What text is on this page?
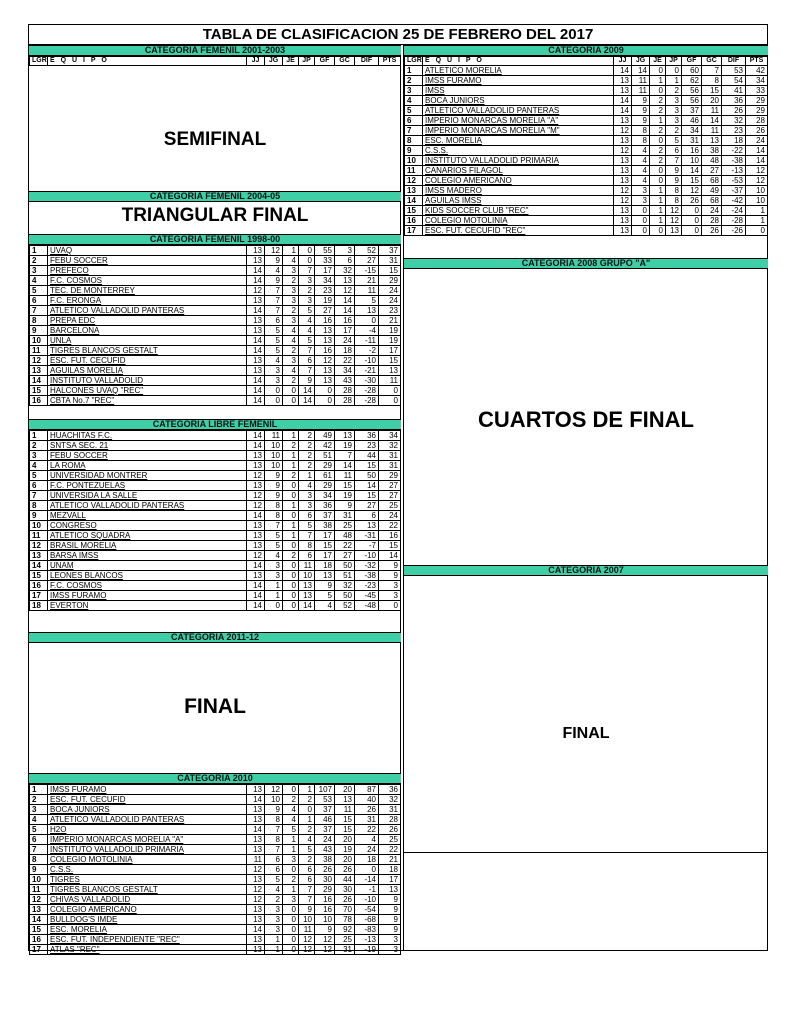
TABLA DE CLASIFICACION 25 DE FEBRERO DEL 2017
CATEGORIA FEMENIL 2001-2003
LGR	E Q U I P O	JJ	JG	JE	JP	GF	GC	DIF	PTS
SEMIFINAL
CATEGORIA FEMENIL 2004-05
TRIANGULAR FINAL
CATEGORIA FEMENIL 1998-00
1	UVAQ	13	12	1	0	55	3	52	37
2	FEBU SOCCER	13	9	4	0	33	6	27	31
3	PREFECO	14	4	3	7	17	32	-15	15
4	F.C. COSMOS	14	9	2	3	34	13	21	29
5	TEC. DE MONTERREY	12	7	3	2	23	12	11	24
6	F.C. ERONGA	13	7	3	3	19	14	5	24
7	ATLETICO VALLADOLID PANTERAS	14	7	2	5	27	14	13	23
8	PREPA EDC	13	6	3	4	16	16	0	21
9	BARCELONA	13	5	4	4	13	17	-4	19
10	UNLA	14	5	4	5	13	24	-11	19
11	TIGRES BLANCOS GESTALT	14	5	2	7	16	18	-2	17
12	ESC. FUT. CECUFID	13	4	3	6	12	22	-10	15
13	AGUILAS MORELIA	13	3	4	7	13	34	-21	13
14	INSTITUTO VALLADOLID	14	3	2	9	13	43	-30	11
15	HALCONES UVAQ "REC"	14	0	0	14	0	28	-28	0
16	CBTA No.7 "REC"	14	0	0	14	0	28	-28	0
CATEGORIA LIBRE FEMENIL
1	HUACHITAS F.C.	14	11	1	2	49	13	36	34
2	SNTSA SEC. 21	14	10	2	2	42	19	23	32
3	FEBU SOCCER	13	10	1	2	51	7	44	31
4	LA ROMA	13	10	1	2	29	14	15	31
5	UNIVERSIDAD MONTRER	12	9	2	1	61	11	50	29
6	F.C. PONTEZUELAS	13	9	0	4	29	15	14	27
7	UNIVERSIDA LA SALLE	12	9	0	3	34	19	15	27
8	ATLETICO VALLADOLID PANTERAS	12	8	1	3	36	9	27	25
9	MEZVALL	14	8	0	6	37	31	6	24
10	CONGRESO	13	7	1	5	38	25	13	22
11	ATLETICO SQUADRA	13	5	1	7	17	48	-31	16
12	BRASIL MORELIA	13	5	0	8	15	22	-7	15
13	BARSA IMSS	12	4	2	6	17	27	-10	14
14	UNAM	14	3	0	11	18	50	-32	9
15	LEONES BLANCOS	13	3	0	10	13	51	-38	9
16	F.C. COSMOS	14	1	0	13	9	32	-23	3
17	IMSS FURAMO	14	1	0	13	5	50	-45	3
18	EVERTON	14	0	0	14	4	52	-48	0
CATEGORIA 2011-12
FINAL
CATEGORIA 2010
1	IMSS FURAMO	13	12	0	1	107	20	87	36
2	ESC. FUT. CECUFID	14	10	2	2	53	13	40	32
3	BOCA JUNIORS	13	9	4	0	37	11	26	31
4	ATLETICO VALLADOLID PANTERAS	13	8	4	1	46	15	31	28
5	H2O	14	7	5	2	37	15	22	26
6	IMPERIO MONARCAS MORELIA "A"	13	8	1	4	24	20	4	25
7	INSTITUTO VALLADOLID PRIMARIA	13	7	1	5	43	19	24	22
8	COLEGIO MOTOLINIA	11	6	3	2	38	20	18	21
9	C.S.S.	12	6	0	6	26	26	0	18
10	TIGRES	13	5	2	6	30	44	-14	17
11	TIGRES BLANCOS GESTALT	12	4	1	7	29	30	-1	13
12	CHIVAS VALLADOLID	12	2	3	7	16	26	-10	9
13	COLEGIO AMERICANO	13	3	0	9	16	70	-54	9
14	BULLDOG'S IMDE	13	3	0	10	10	78	-68	9
15	ESC. MORELIA	14	3	0	11	9	92	-83	9
16	ESC. FUT. INDEPENDIENTE "REC"	13	1	0	12	12	25	-13	3
17	ATLAS "REC"	13	1	0	12	12	31	-19	3
CATEGORIA 2009
LGR	E Q U I P O	JJ	JG	JE	JP	GF	GC	DIF	PTS
1	ATLETICO MORELIA	14	14	0	0	60	7	53	42
2	IMSS FURAMO	13	11	1	1	62	8	54	34
3	IMSS	13	11	0	2	56	15	41	33
4	BOCA JUNIORS	14	9	2	3	56	20	36	29
5	ATLETICO VALLADOLID PANTERAS	14	9	2	3	37	11	26	29
6	IMPERIO MONARCAS MORELIA "A"	13	9	1	3	46	14	32	28
7	IMPERIO MONARCAS MORELIA "M"	12	8	2	2	34	11	23	26
8	ESC. MORELIA	13	8	0	5	31	13	18	24
9	C.S.S.	12	4	2	6	16	38	-22	14
10	INSTITUTO VALLADOLID PRIMARIA	13	4	2	7	10	48	-38	14
11	CANARIOS FILAGOL	13	4	0	9	14	27	-13	12
12	COLEGIO AMERICANO	13	4	0	9	15	68	-53	12
13	IMSS MADERO	12	3	1	8	12	49	-37	10
14	AGUILAS IMSS	12	3	1	8	26	68	-42	10
15	KIDS SOCCER CLUB "REC"	13	0	1	12	0	24	-24	1
16	COLEGIO MOTOLINIA	13	0	1	12	0	28	-28	1
17	ESC. FUT. CECUFID "REC"	13	0	0	13	0	26	-26	0
CATEGORIA 2008 GRUPO "A"
CUARTOS DE FINAL
CATEGORIA 2007
FINAL
